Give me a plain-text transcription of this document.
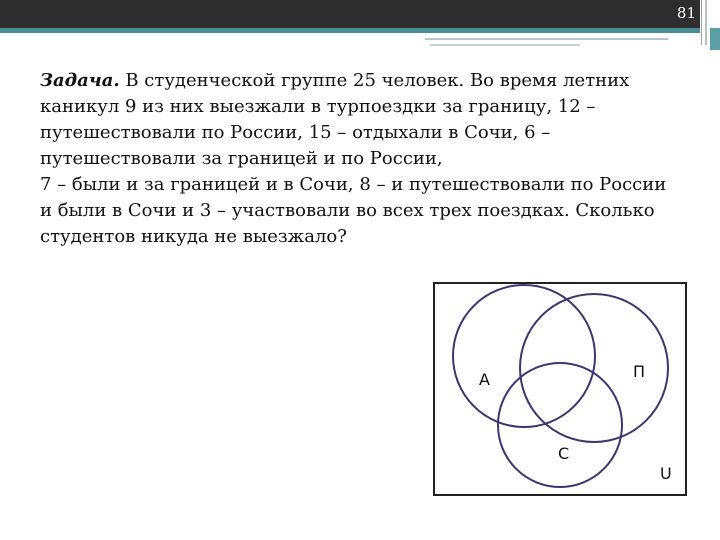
81
Задача. В студенческой группе 25 человек. Во время летних каникул 9 из них выезжали в турпоездки за границу, 12 – путешествовали по России, 15 – отдыхали в Сочи, 6 – путешествовали за границей и по России,
7 – были и за границей и в Сочи, 8 – и путешествовали по России и были в Сочи и 3 – участвовали во всех трех поездках. Сколько студентов никуда не выезжало?
А	П
С
U
